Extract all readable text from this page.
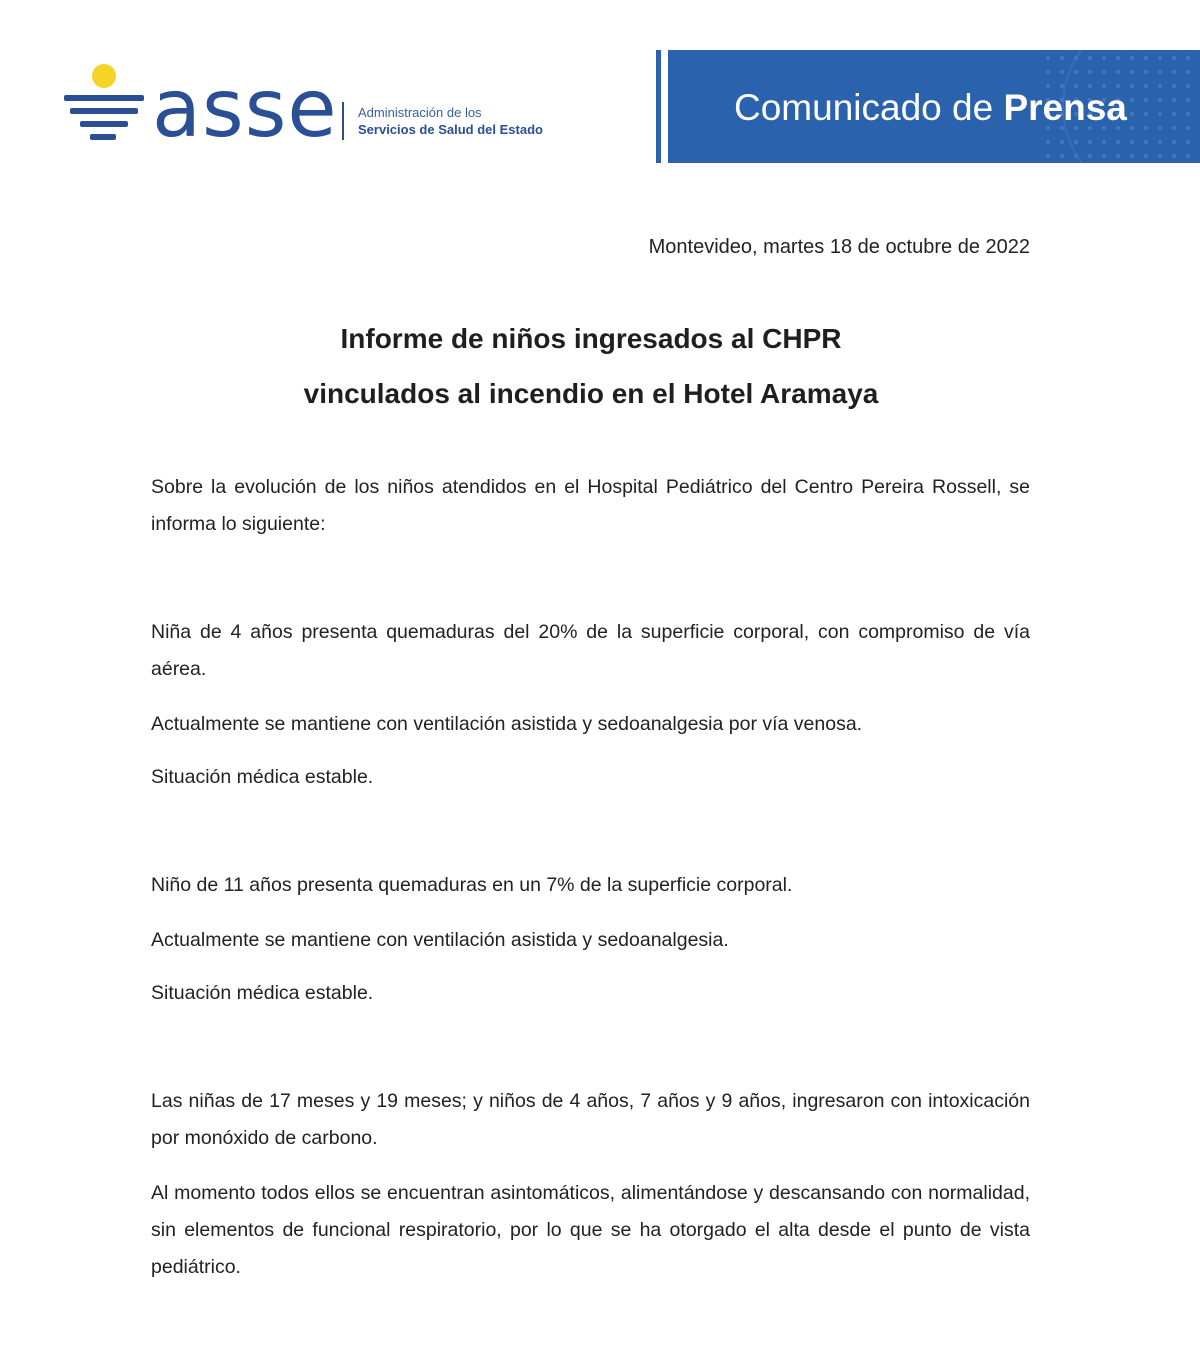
asse Administración de los
Servicios de Salud del Estado
Comunicado de Prensa
Montevideo, martes 18 de octubre de 2022
Informe de niños ingresados al CHPR
vinculados al incendio en el Hotel Aramaya
Sobre la evolución de los niños atendidos en el Hospital Pediátrico del Centro Pereira Rossell, se informa lo siguiente:
Niña de 4 años presenta quemaduras del 20% de la superficie corporal, con compromiso de vía aérea.
Actualmente se mantiene con ventilación asistida y sedoanalgesia por vía venosa.
Situación médica estable.
Niño de 11 años presenta quemaduras en un 7% de la superficie corporal.
Actualmente se mantiene con ventilación asistida y sedoanalgesia.
Situación médica estable.
Las niñas de 17 meses y 19 meses; y niños de 4 años, 7 años y 9 años, ingresaron con intoxicación por monóxido de carbono.
Al momento todos ellos se encuentran asintomáticos, alimentándose y descansando con normalidad, sin elementos de funcional respiratorio, por lo que se ha otorgado el alta desde el punto de vista pediátrico.
